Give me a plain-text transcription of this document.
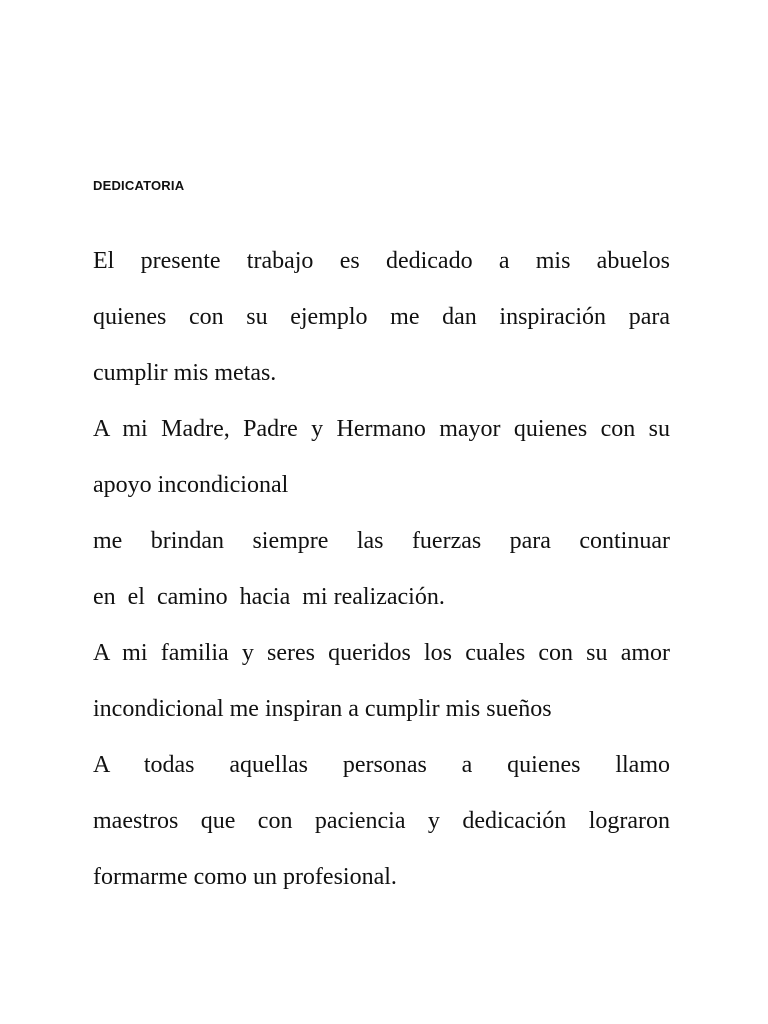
DEDICATORIA

El presente trabajo es dedicado a mis abuelos

quienes con su ejemplo me dan inspiración para

cumplir mis metas.

A mi Madre, Padre y Hermano mayor quienes con su

apoyo incondicional

me brindan siempre las fuerzas para continuar

en  el  camino  hacia  mi realización.

A mi familia y seres queridos los cuales con su amor

incondicional me inspiran a cumplir mis sueños

A todas aquellas personas a quienes llamo

maestros que con paciencia y dedicación lograron

formarme como un profesional.
